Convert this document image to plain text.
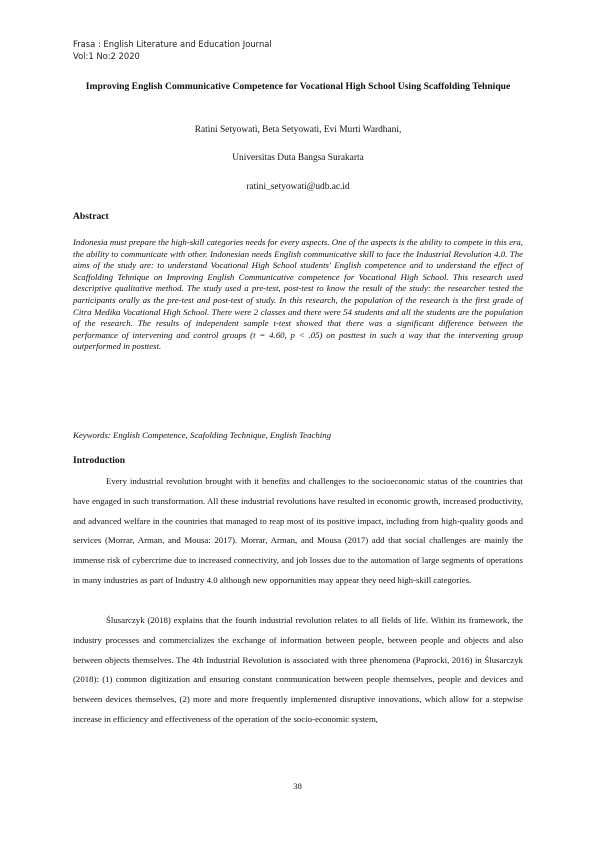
Frasa : English Literature and Education Journal
Vol:1 No:2 2020
Improving English Communicative Competence for Vocational High School Using Scaffolding Tehnique
Ratini Setyowati, Beta Setyowati, Evi Murti Wardhani,
Universitas Duta Bangsa Surakarta
ratini_setyowati@udb.ac.id
Abstract
Indonesia must prepare the high-skill categories needs for every aspects. One of the aspects is the ability to compete in this era, the ability to communicate with other. Indonesian needs English communicative skill to face the Industrial Revolution 4.0. The aims of the study are: to understand Vocational High School students' English competence and to understand the effect of Scaffolding Tehnique on Improving English Communicative competence for Vocational High School. This research used descriptive qualitative method. The study used a pre-test, post-test to know the result of the study: the researcher tested the participants orally as the pre-test and post-test of study. In this research, the population of the research is the first grade of Citra Medika Vocational High School. There were 2 classes and there were 54 students and all the students are the population of the research. The results of independent sample t-test showed that there was a significant difference between the performance of intervening and control groups (t = 4.60, p < .05) on posttest in such a way that the intervening group outperformed in posttest.
Keywords: English Competence, Scafolding Technique, English Teaching
Introduction
Every industrial revolution brought with it benefits and challenges to the socioeconomic status of the countries that have engaged in such transformation. All these industrial revolutions have resulted in economic growth, increased productivity, and advanced welfare in the countries that managed to reap most of its positive impact, including from high-quality goods and services (Morrar, Arman, and Mousa: 2017). Morrar, Arman, and Mousa (2017) add that social challenges are mainly the immense risk of cybercrime due to increased connectivity, and job losses due to the automation of large segments of operations in many industries as part of Industry 4.0 although new opportunities may appear they need high-skill categories.
Ślusarczyk (2018) explains that the fourth industrial revolution relates to all fields of life. Within its framework, the industry processes and commercializes the exchange of information between people, between people and objects and also between objects themselves. The 4th Industrial Revolution is associated with three phenomena (Paprocki, 2016) in Ślusarczyk (2018): (1) common digitization and ensuring constant communication between people themselves, people and devices and between devices themselves, (2) more and more frequently implemented disruptive innovations, which allow for a stepwise increase in efficiency and effectiveness of the operation of the socio-economic system,
38
